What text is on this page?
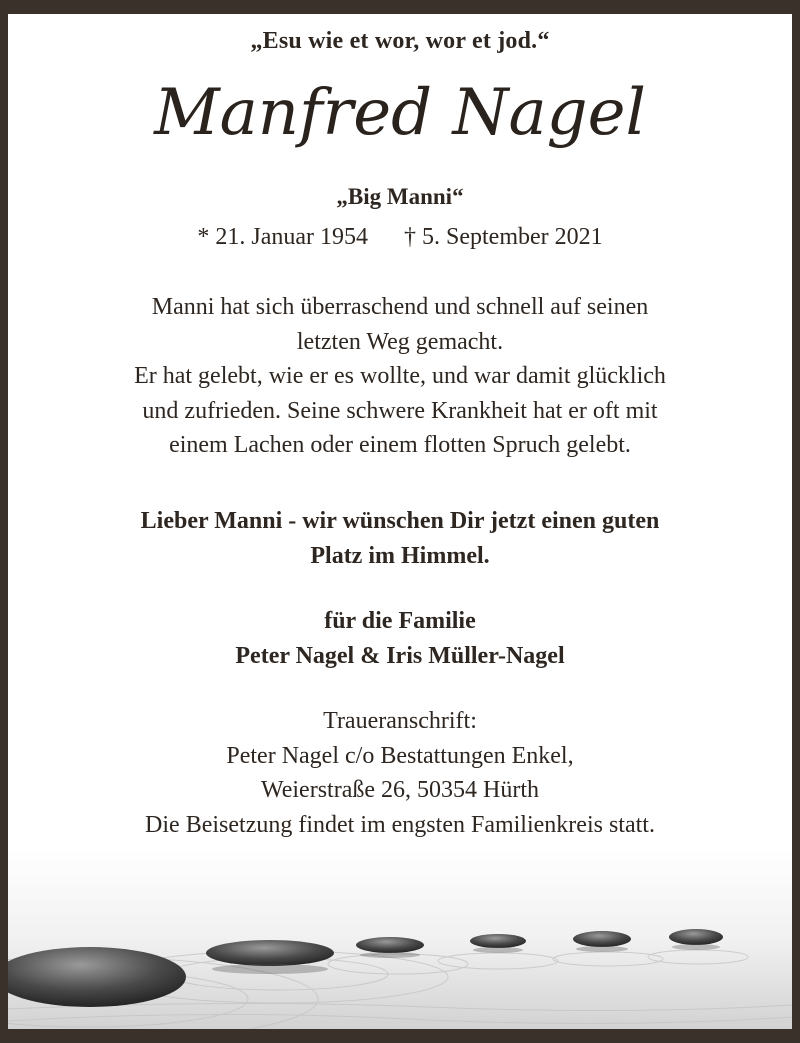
„Esu wie et wor, wor et jod.“
Manfred Nagel
„Big Manni“
* 21. Januar 1954 † 5. September 2021

Manni hat sich überraschend und schnell auf seinen

letzten Weg gemacht.

Er hat gelebt, wie er es wollte, und war damit glücklich

und zufrieden. Seine schwere Krankheit hat er oft mit

einem Lachen oder einem flotten Spruch gelebt.

Lieber Manni - wir wünschen Dir jetzt einen guten

Platz im Himmel.

für die Familie

Peter Nagel & Iris Müller-Nagel

Traueranschrift:

Peter Nagel c/o Bestattungen Enkel,

Weierstraße 26, 50354 Hürth

Die Beisetzung findet im engsten Familienkreis statt.
